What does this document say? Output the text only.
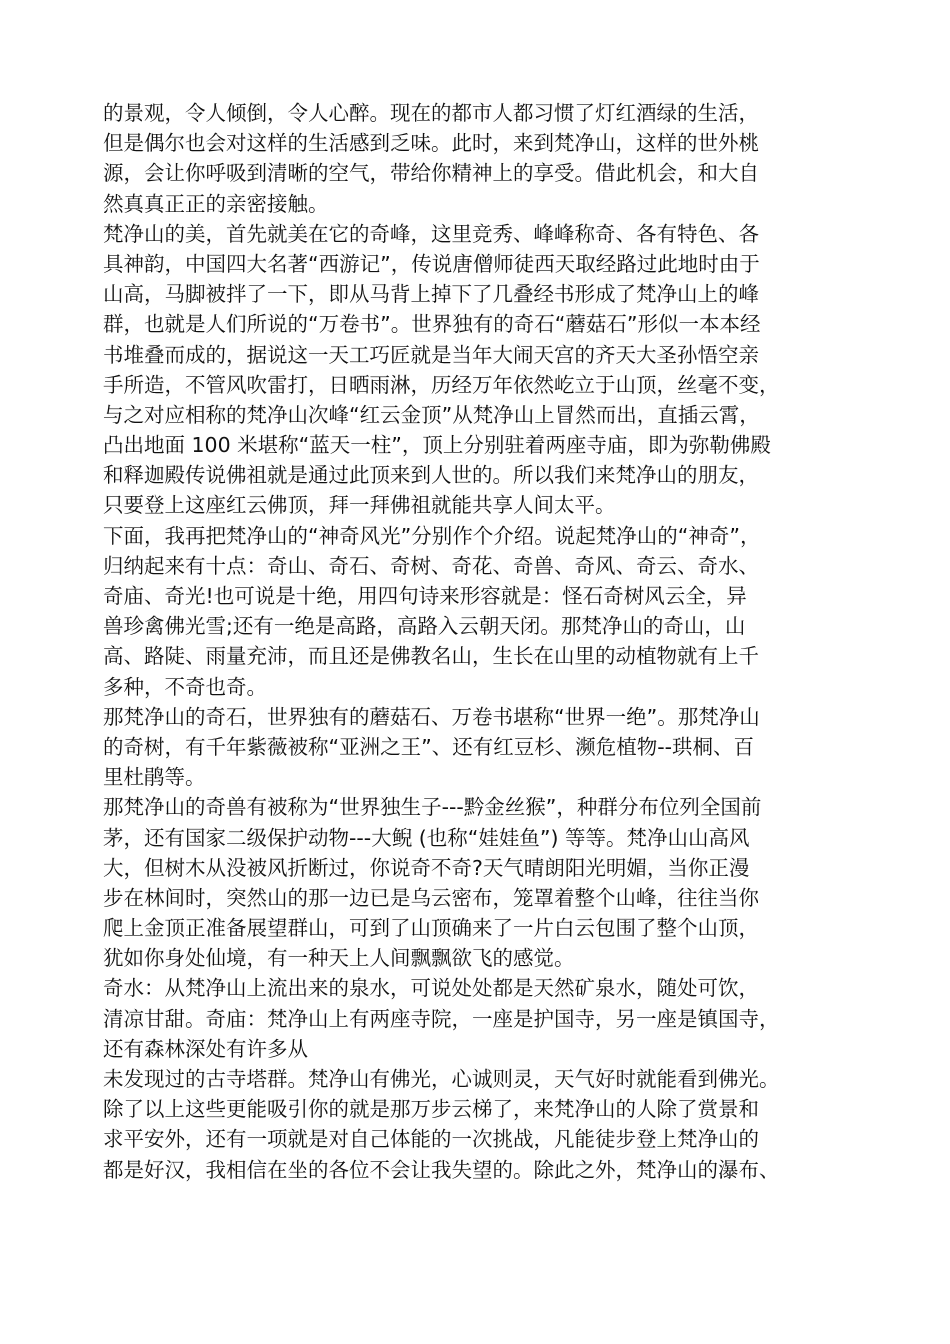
的景观，令人倾倒，令人心醉。现在的都市人都习惯了灯红酒绿的生活，
但是偶尔也会对这样的生活感到乏味。此时，来到梵净山，这样的世外桃
源，会让你呼吸到清晰的空气，带给你精神上的享受。借此机会，和大自
然真真正正的亲密接触。
梵净山的美，首先就美在它的奇峰，这里竞秀、峰峰称奇、各有特色、各
具神韵，中国四大名著“西游记”，传说唐僧师徒西天取经路过此地时由于
山高，马脚被拌了一下，即从马背上掉下了几叠经书形成了梵净山上的峰
群，也就是人们所说的“万卷书”。世界独有的奇石“蘑菇石”形似一本本经
书堆叠而成的，据说这一天工巧匠就是当年大闹天宫的齐天大圣孙悟空亲
手所造，不管风吹雷打，日晒雨淋，历经万年依然屹立于山顶，丝毫不变，
与之对应相称的梵净山次峰“红云金顶”从梵净山上冒然而出，直插云霄，
凸出地面 100 米堪称“蓝天一柱”，顶上分别驻着两座寺庙，即为弥勒佛殿
和释迦殿传说佛祖就是通过此顶来到人世的。所以我们来梵净山的朋友，
只要登上这座红云佛顶，拜一拜佛祖就能共享人间太平。
下面，我再把梵净山的“神奇风光”分别作个介绍。说起梵净山的“神奇”，
归纳起来有十点：奇山、奇石、奇树、奇花、奇兽、奇风、奇云、奇水、
奇庙、奇光!也可说是十绝，用四句诗来形容就是：怪石奇树风云全，异
兽珍禽佛光雪;还有一绝是高路，高路入云朝天闭。那梵净山的奇山，山
高、路陡、雨量充沛，而且还是佛教名山，生长在山里的动植物就有上千
多种，不奇也奇。
那梵净山的奇石，世界独有的蘑菇石、万卷书堪称“世界一绝”。那梵净山
的奇树，有千年紫薇被称“亚洲之王”、还有红豆杉、濒危植物--珙桐、百
里杜鹃等。
那梵净山的奇兽有被称为“世界独生子---黔金丝猴”，种群分布位列全国前
茅，还有国家二级保护动物---大鲵 (也称“娃娃鱼”) 等等。梵净山山高风
大，但树木从没被风折断过，你说奇不奇?天气晴朗阳光明媚，当你正漫
步在林间时，突然山的那一边已是乌云密布，笼罩着整个山峰，往往当你
爬上金顶正准备展望群山，可到了山顶确来了一片白云包围了整个山顶，
犹如你身处仙境，有一种天上人间飘飘欲飞的感觉。
奇水：从梵净山上流出来的泉水，可说处处都是天然矿泉水，随处可饮，
清凉甘甜。奇庙：梵净山上有两座寺院，一座是护国寺，另一座是镇国寺，
还有森林深处有许多从
未发现过的古寺塔群。梵净山有佛光，心诚则灵，天气好时就能看到佛光。
除了以上这些更能吸引你的就是那万步云梯了，来梵净山的人除了赏景和
求平安外，还有一项就是对自己体能的一次挑战，凡能徒步登上梵净山的
都是好汉，我相信在坐的各位不会让我失望的。除此之外，梵净山的瀑布、
